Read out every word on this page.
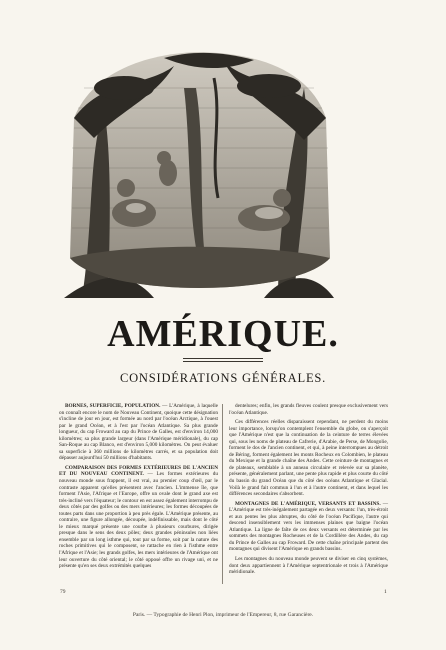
AMÉRIQUE.
CONSIDÉRATIONS GÉNÉRALES.

BORNES, SUPERFICIE, POPULATION. — L'Amérique, à laquelle on connaît encore le nom de Nouveau Continent, quoique cette désignation s'incline de jour en jour, est formée au nord par l'océan Arctique, à l'ouest par le grand Océan, et à l'est par l'océan Atlantique. Sa plus grande longueur, du cap Froward au cap du Prince de Galles, est d'environ 14,000 kilomètres; sa plus grande largeur (dans l'Amérique méridionale), du cap San-Roque au cap Blanco, est d'environ 5,000 kilomètres. On peut évaluer sa superficie à 360 millions de kilomètres carrés, et sa population doit dépasser aujourd'hui 50 millions d'habitants.

COMPARAISON DES FORMES EXTÉRIEURES DE L'ANCIEN ET DU NOUVEAU CONTINENT. — Les formes extérieures du nouveau monde sous frappent, il est vrai, au premier coup d'œil, par le contraste apparent qu'elles présentent avec l'ancien. L'immense île, que forment l'Asie, l'Afrique et l'Europe, offre un ovale dont le grand axe est très-incliné vers l'équateur; le contour en est assez également interrompu de deux côtés par des golfes ou des mers intérieures; les formes découpées de toutes parts dans une proportion à peu près égale. L'Amérique présente, au contraire, une figure allongée, découpée, indéfinissable, mais dont le côté le mieux marqué présente une courbe à plusieurs courbures, dirigée presque dans le sens des deux pôles; deux grandes péninsules non liées ensemble par un long isthme qui, tout par sa forme, soit par la nature des roches primitives qui le composent, se rattache en rien à l'isthme entre l'Afrique et l'Asie; les grands golfes, les mers intérieures de l'Amérique ont leur ouverture du côté oriental; le côté opposé offre un rivage uni, et ne présente qu'en ses deux extrémités quelques

dentelures; enfin, les grands fleuves coulent presque exclusivement vers l'océan Atlantique.

Ces différences réelles disparaissent cependant, ne perdent du moins leur importance, lorsqu'on contemplent l'ensemble du globe, on s'aperçoit que l'Amérique n'est que la continuation de la ceinture de terres élevées qui, sous les noms de plateau de Cafrerie, d'Arabie, de Perse, de Mongolie, forment le dos de l'ancien continent, et qui, à peine interrompues au détroit de Béring, forment également les monts Rocheux en Colombien, le plateau du Mexique et la grande chaîne des Andes. Cette ceinture de montagnes et de plateaux, semblable à un anneau circulaire et relevée sur sa planète, présente, généralement parlant, une pente plus rapide et plus courte du côté du bassin du grand Océan que du côté des océans Atlantique et Glacial. Voilà le grand fait commun à l'un et à l'autre continent, et dans lequel les différences secondaires s'absorbent.

MONTAGNES DE L'AMÉRIQUE, VERSANTS ET BASSINS. — L'Amérique est très-inégalement partagée en deux versants: l'un, très-étroit et aux pentes les plus abruptes, du côté de l'océan Pacifique, l'autre qui descend insensiblement vers les immenses plaines que baigne l'océan Atlantique. La ligne de faîte de ces deux versants est déterminée par les sommets des montagnes Rocheuses et de la Cordillère des Andes, du cap du Prince de Galles au cap Froward. De cette chaîne principale partent des montagnes qui divisent l'Amérique en grands bassins.

Les montagnes du nouveau monde peuvent se diviser en cinq systèmes, dont deux appartiennent à l'Amérique septentrionale et trois à l'Amérique méridionale.

79	1
Paris. — Typographie de Henri Plon, imprimeur de l'Empereur, 8, rue Garancière.
